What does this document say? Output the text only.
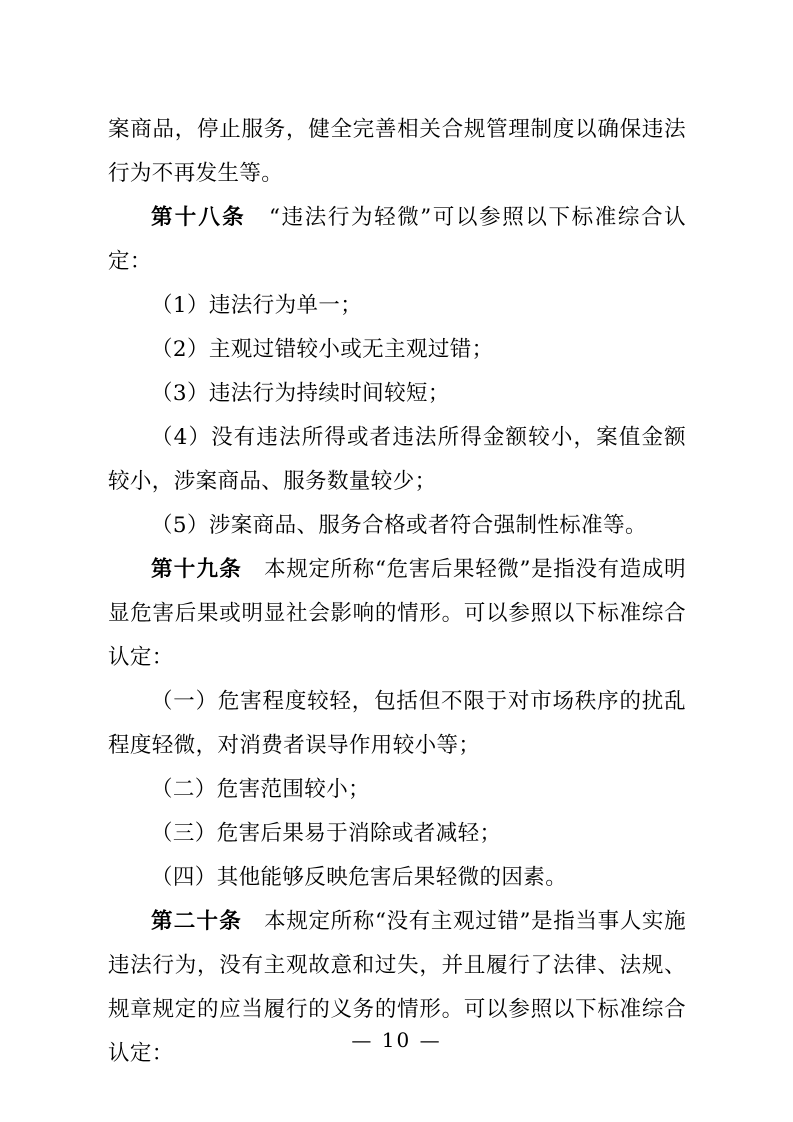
案商品，停止服务，健全完善相关合规管理制度以确保违法行为不再发生等。

第十八条　 “违法行为轻微”可以参照以下标准综合认定：

（1）违法行为单一；

（2）主观过错较小或无主观过错；

（3）违法行为持续时间较短；

（4）没有违法所得或者违法所得金额较小，案值金额较小，涉案商品、服务数量较少；

（5）涉案商品、服务合格或者符合强制性标准等。

第十九条　 本规定所称“危害后果轻微”是指没有造成明显危害后果或明显社会影响的情形。可以参照以下标准综合认定：

（一）危害程度较轻，包括但不限于对市场秩序的扰乱程度轻微，对消费者误导作用较小等；

（二）危害范围较小；

（三）危害后果易于消除或者减轻；

（四）其他能够反映危害后果轻微的因素。

第二十条　 本规定所称“没有主观过错”是指当事人实施违法行为，没有主观故意和过失，并且履行了法律、法规、规章规定的应当履行的义务的情形。可以参照以下标准综合认定：

— 10 —
